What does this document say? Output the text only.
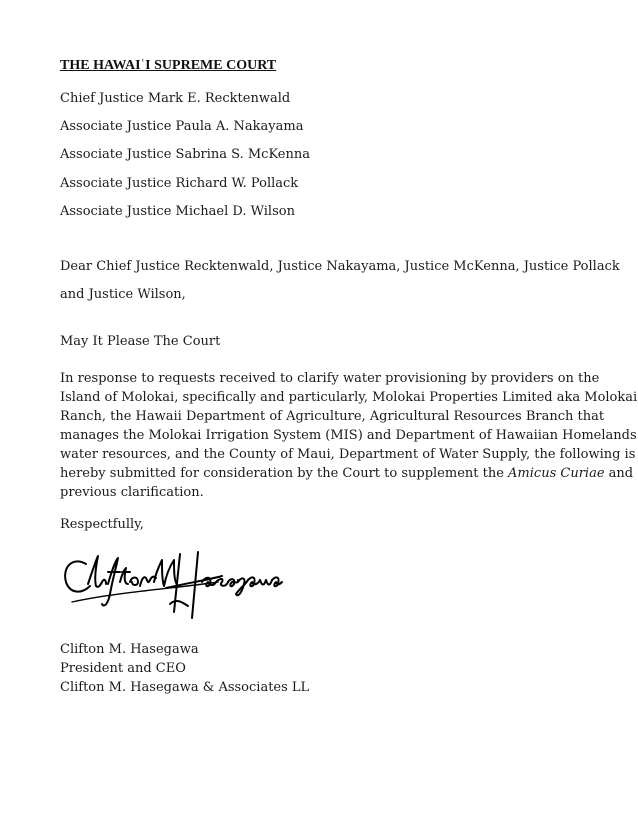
THE HAWAIʿI SUPREME COURT
Chief Justice Mark E. Recktenwald
Associate Justice Paula A. Nakayama
Associate Justice Sabrina S. McKenna
Associate Justice Richard W. Pollack
Associate Justice Michael D. Wilson
Dear Chief Justice Recktenwald, Justice Nakayama, Justice McKenna, Justice Pollack
and Justice Wilson,
May It Please The Court
In response to requests received to clarify water provisioning by providers on the
Island of Molokai, specifically and particularly, Molokai Properties Limited aka Molokai
Ranch, the Hawaii Department of Agriculture, Agricultural Resources Branch that
manages the Molokai Irrigation System (MIS) and Department of Hawaiian Homelands
water resources, and the County of Maui, Department of Water Supply, the following is
hereby submitted for consideration by the Court to supplement the Amicus Curiae and
previous clarification.
Respectfully,
Clifton M. Hasegawa
President and CEO
Clifton M. Hasegawa & Associates LL
